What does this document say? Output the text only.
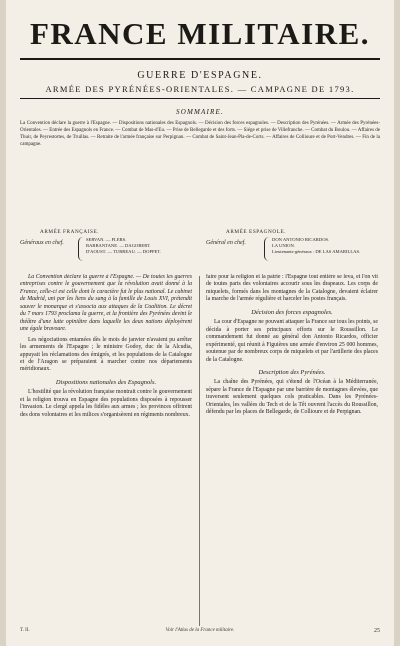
FRANCE MILITAIRE.
GUERRE D'ESPAGNE.
ARMÉE DES PYRÉNÉES-ORIENTALES. — CAMPAGNE DE 1793.
SOMMAIRE.
La Convention déclare la guerre à l'Espagne. — Dispositions nationales des Espagnols. — Décision des forces espagnoles. — Description des Pyrénées. — Armée des Pyrénées-Orientales. — Entrée des Espagnols en France. — Combat de Mas-d'Eu. — Prise de Bellegarde et des forts. — Siége et prise de Villefranche. — Combat du Boulou. — Affaires de Thuir, de Peyrestortes, de Truillas. — Retraite de l'armée française sur Perpignan. — Combat de Saint-Jean-Pla-de-Corts. — Affaires de Collioure et de Port-Vendres. — Fin de la campagne.
ARMÉE FRANÇAISE.
Généraux en chef.
SERVAN. — FLERS.
BARBANTANE. — DAGOBERT.
D'AOUST. — TURREAU. — DOPPET.
ARMÉE ESPAGNOLE.
Général en chef.
DON ANTONIO RICARDOS.
LA UNION.
Lieutenants-généraux : DE LAS AMARILLAS.

La Convention déclare la guerre à l'Espagne. — De toutes les guerres entreprises contre le gouvernement que la révolution avait donné à la France, celle-ci est celle dont le caractère fut le plus national. Le cabinet de Madrid, uni par les liens du sang à la famille de Louis XVI, prétendit sauver le monarque et s'associa aux attaques de la Coalition. Le décret du 7 mars 1793 proclama la guerre, et la frontière des Pyrénées devint le théâtre d'une lutte opiniâtre dans laquelle les deux nations déployèrent une égale bravoure.

Les négociations entamées dès le mois de janvier n'avaient pu arrêter les armements de l'Espagne ; le ministre Godoy, duc de la Alcudia, appuyait les réclamations des émigrés, et les populations de la Catalogne et de l'Aragon se préparaient à marcher contre nos départements méridionaux.

Dispositions nationales des Espagnols.

L'hostilité que la révolution française montrait contre le gouvernement et la religion trouva en Espagne des populations disposées à repousser l'invasion. Le clergé appela les fidèles aux armes ; les provinces offrirent des dons volontaires et les milices s'organisèrent en régiments nombreux.

faire pour la religion et la patrie : l'Espagne tout entière se leva, et l'on vit de toutes parts des volontaires accourir sous les drapeaux. Les corps de miquelets, formés dans les montagnes de la Catalogne, devaient éclairer la marche de l'armée régulière et harceler les postes français.

Décision des forces espagnoles.

La cour d'Espagne ne pouvant attaquer la France sur tous les points, se décida à porter ses principaux efforts sur le Roussillon. Le commandement fut donné au général don Antonio Ricardos, officier expérimenté, qui réunit à Figuières une armée d'environ 25 000 hommes, soutenue par de nombreux corps de miquelets et par l'artillerie des places de la Catalogne.

Description des Pyrénées.

La chaîne des Pyrénées, qui s'étend de l'Océan à la Méditerranée, sépare la France de l'Espagne par une barrière de montagnes élevées, que traversent seulement quelques cols praticables. Dans les Pyrénées-Orientales, les vallées du Tech et de la Têt ouvrent l'accès du Roussillon, défendu par les places de Bellegarde, de Collioure et de Perpignan.

T. II.	Voir l'Atlas de la France militaire.	25
